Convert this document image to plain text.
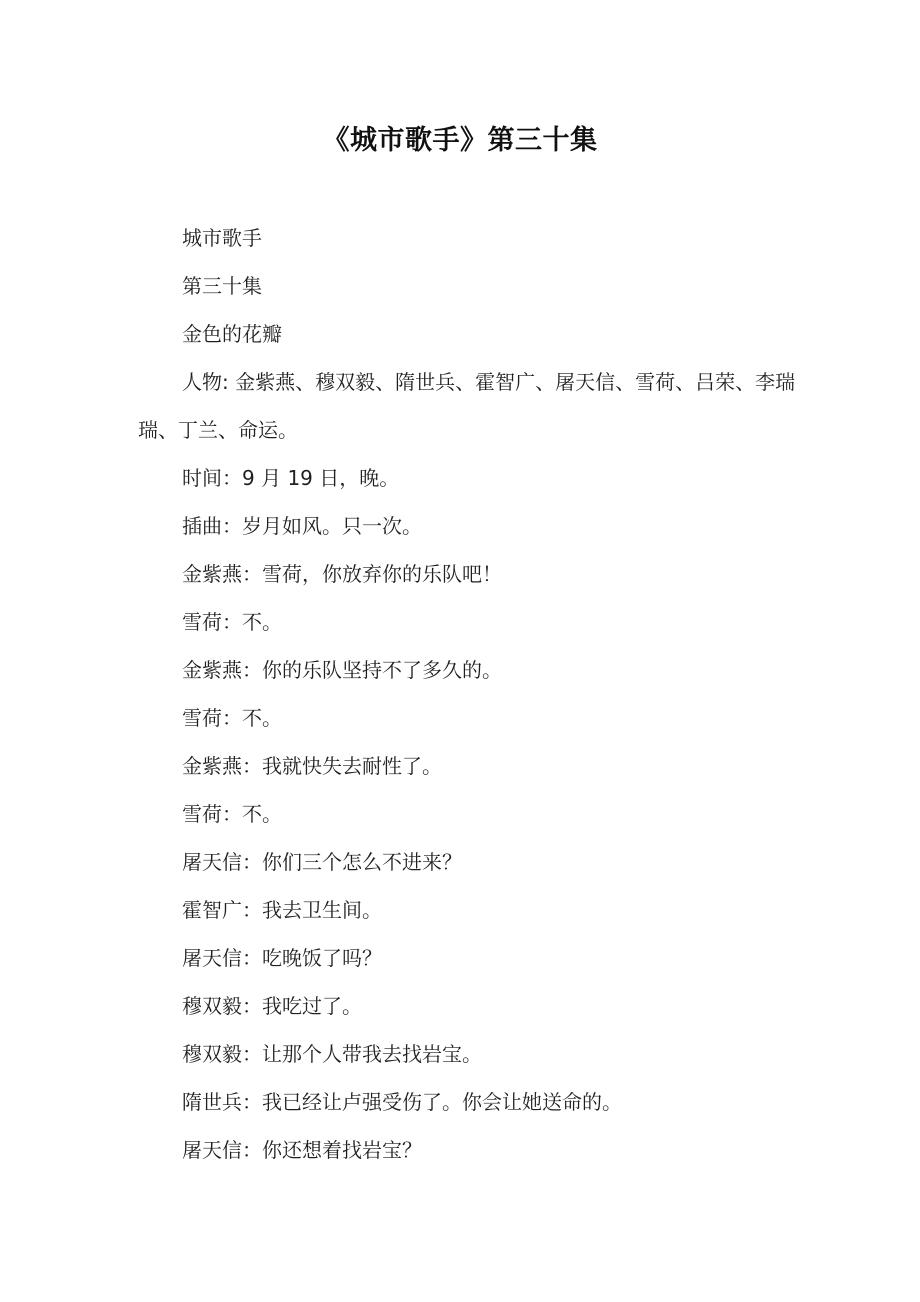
《城市歌手》第三十集

城市歌手

第三十集

金色的花瓣

人物: 金紫燕、穆双毅、隋世兵、霍智广、屠天信、雪荷、吕荣、李瑞瑞、丁兰、命运。

时间：9 月 19 日，晚。

插曲：岁月如风。只一次。

金紫燕：雪荷，你放弃你的乐队吧！

雪荷：不。

金紫燕：你的乐队坚持不了多久的。

雪荷：不。

金紫燕：我就快失去耐性了。

雪荷：不。

屠天信：你们三个怎么不进来？

霍智广：我去卫生间。

屠天信：吃晚饭了吗？

穆双毅：我吃过了。

穆双毅：让那个人带我去找岩宝。

隋世兵：我已经让卢强受伤了。你会让她送命的。

屠天信：你还想着找岩宝？
